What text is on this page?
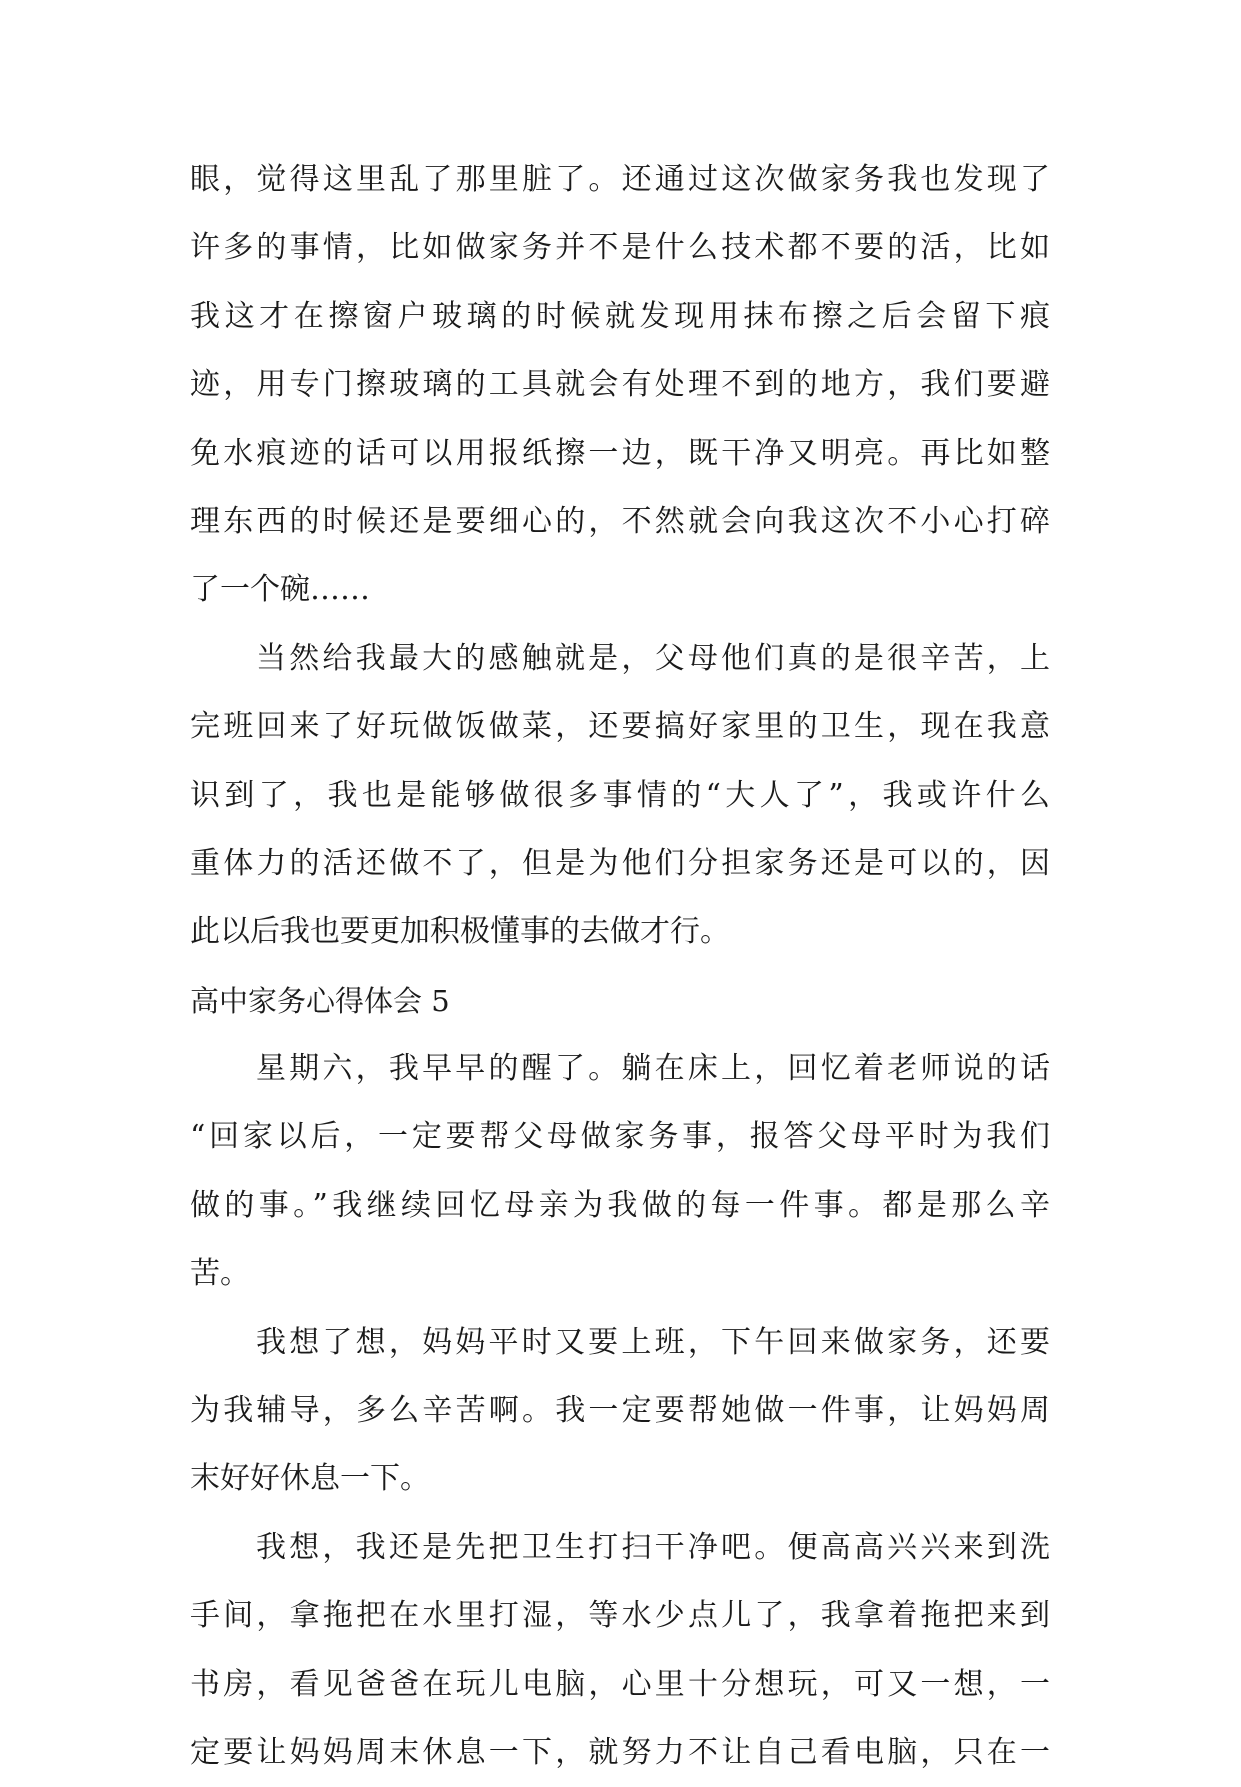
眼，觉得这里乱了那里脏了。还通过这次做家务我也发现了
许多的事情，比如做家务并不是什么技术都不要的活，比如
我这才在擦窗户玻璃的时候就发现用抹布擦之后会留下痕
迹，用专门擦玻璃的工具就会有处理不到的地方，我们要避
免水痕迹的话可以用报纸擦一边，既干净又明亮。再比如整
理东西的时候还是要细心的，不然就会向我这次不小心打碎
了一个碗……
当然给我最大的感触就是，父母他们真的是很辛苦，上
完班回来了好玩做饭做菜，还要搞好家里的卫生，现在我意
识到了，我也是能够做很多事情的“大人了”，我或许什么
重体力的活还做不了，但是为他们分担家务还是可以的，因
此以后我也要更加积极懂事的去做才行。
高中家务心得体会 5
星期六，我早早的醒了。躺在床上，回忆着老师说的话
“回家以后，一定要帮父母做家务事，报答父母平时为我们
做的事。”我继续回忆母亲为我做的每一件事。都是那么辛
苦。
我想了想，妈妈平时又要上班，下午回来做家务，还要
为我辅导，多么辛苦啊。我一定要帮她做一件事，让妈妈周
末好好休息一下。
我想，我还是先把卫生打扫干净吧。便高高兴兴来到洗
手间，拿拖把在水里打湿，等水少点儿了，我拿着拖把来到
书房，看见爸爸在玩儿电脑，心里十分想玩，可又一想，一
定要让妈妈周末休息一下，就努力不让自己看电脑，只在一
